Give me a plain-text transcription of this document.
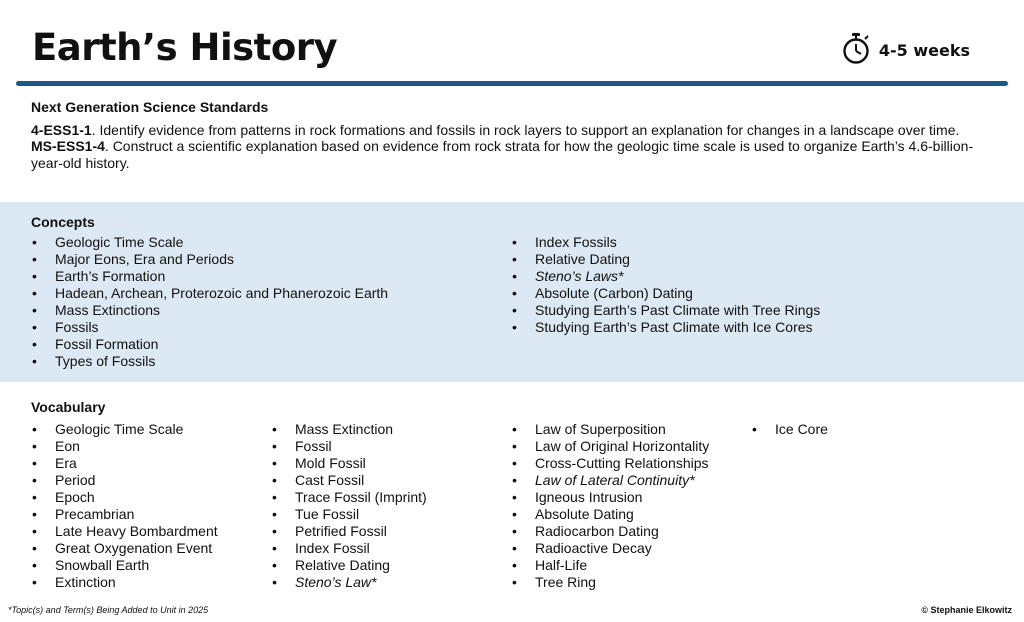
Earth’s History	4-5 weeks
Next Generation Science Standards

4-ESS1-1. Identify evidence from patterns in rock formations and fossils in rock layers to support an explanation for changes in a landscape over time.

MS-ESS1-4. Construct a scientific explanation based on evidence from rock strata for how the geologic time scale is used to organize Earth’s 4.6-billion-year-old history.

Concepts
• Geologic Time Scale
• Major Eons, Era and Periods
• Earth’s Formation
• Hadean, Archean, Proterozoic and Phanerozoic Earth
• Mass Extinctions
• Fossils
• Fossil Formation
• Types of Fossils
• Index Fossils
• Relative Dating
• Steno’s Laws*
• Absolute (Carbon) Dating
• Studying Earth’s Past Climate with Tree Rings
• Studying Earth’s Past Climate with Ice Cores
Vocabulary
• Geologic Time Scale
• Eon
• Era
• Period
• Epoch
• Precambrian
• Late Heavy Bombardment
• Great Oxygenation Event
• Snowball Earth
• Extinction
• Mass Extinction
• Fossil
• Mold Fossil
• Cast Fossil
• Trace Fossil (Imprint)
• Tue Fossil
• Petrified Fossil
• Index Fossil
• Relative Dating
• Steno’s Law*
• Law of Superposition
• Law of Original Horizontality
• Cross-Cutting Relationships
• Law of Lateral Continuity*
• Igneous Intrusion
• Absolute Dating
• Radiocarbon Dating
• Radioactive Decay
• Half-Life
• Tree Ring
• Ice Core
*Topic(s) and Term(s) Being Added to Unit in 2025	© Stephanie Elkowitz
